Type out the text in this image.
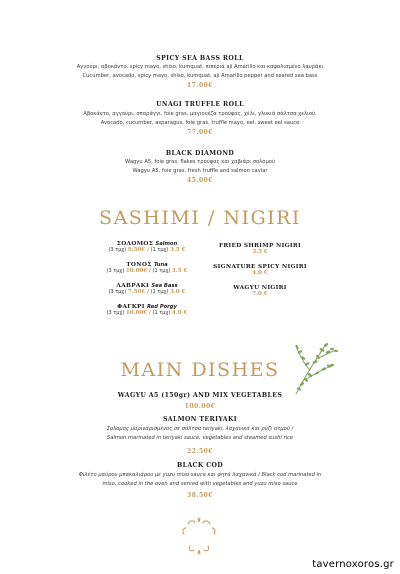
SPICY SEA BASS ROLL
Αγγούρι, αβοκάντο, spicy mayo, shiso, kumquat, πιπεριά aji Amarillo και καψαλισμένο λαυράκι
Cucumber, avocado, spicy mayo, shiso, kumquat, aji Amarillo pepper and seared sea bass
17.00€
UNAGI TRUFFLE ROLL
Αβοκάντο, αγγούρι, σπαράγγι, foie gras, μαγιονέζα τρούφας, χέλι, γλυκιά σάλτσα χελιού.
Avocado, cucumber, asparagus, foie gras, truffle mayo, eel, sweet eel sauce
77.00€
BLACK DIAMOND
Wagyu A5, foie gras, flakes τρούφας και χαβιάρι σολομού
Wagyu A5, foie gras, fresh truffle and salmon caviar
45.00€
SASHIMI / NIGIRI
ΣΟΛΟΜΟΣ Salmon
(3 τμχ) 9.50€ / (1 τμχ) 3.5 €
ΤΟΝΟΣ Tuna
(3 τμχ) 10.00€ / (1 τμχ) 3.5 €
ΛΑΒΡΑΚΙ Sea Bass
(3 τμχ) 7.50€ / (1 τμχ) 3.0 €
ΦΑΓΚΡΙ Red Porgy
(3 τμχ) 10.00€ / (1 τμχ) 4.0 €
FRIED SHRIMP NIGIRI
3.5 €
SIGNATURE SPICY NIGIRI
4.0 €
WAGYU NIGIRI
7.0 €
MAIN DISHES
WAGYU A5 (150gr) AND MIX VEGETABLES
100.00€
SALMON TERIYAKI
Σολομός μαριναρισμένος σε σάλτσα teriyaki, λαχανικά και ρύζι ατμού /
Salmon marinated in teriyaki sauce, vegetables and steamed sushi rice
22.50€
BLACK COD
Φιλέτο μαύρου μπακαλιάρου με yuzu miso sauce και ψητά λαχανικά / Black cod marinated in
miso, cooked in the oven and served with vegetables and yuzu miso sauce
38.50€
tavernoxoros.gr
